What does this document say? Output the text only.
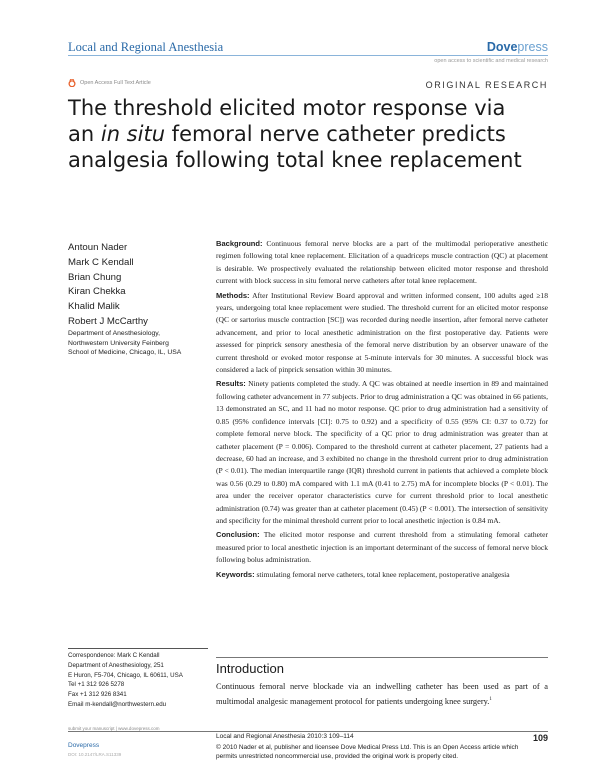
Local and Regional Anesthesia	Dovepress
open access to scientific and medical research
Open Access Full Text Article	ORIGINAL RESEARCH
The threshold elicited motor response via
an in situ femoral nerve catheter predicts
analgesia following total knee replacement
Antoun Nader
Mark C Kendall
Brian Chung
Kiran Chekka
Khalid Malik
Robert J McCarthy
Department of Anesthesiology,
Northwestern University Feinberg
School of Medicine, Chicago, IL, USA

Background: Continuous femoral nerve blocks are a part of the multimodal perioperative anesthetic regimen following total knee replacement. Elicitation of a quadriceps muscle contraction (QC) at placement is desirable. We prospectively evaluated the relationship between elicited motor response and threshold current with block success in situ femoral nerve catheters after total knee replacement.

Methods: After Institutional Review Board approval and written informed consent, 100 adults aged ≥18 years, undergoing total knee replacement were studied. The threshold current for an elicited motor response (QC or sartorius muscle contraction [SC]) was recorded during needle insertion, after femoral nerve catheter advancement, and prior to local anesthetic administration on the first postoperative day. Patients were assessed for pinprick sensory anesthesia of the femoral nerve distribution by an observer unaware of the current threshold or evoked motor response at 5-minute intervals for 30 minutes. A successful block was considered a lack of pinprick sensation within 30 minutes.

Results: Ninety patients completed the study. A QC was obtained at needle insertion in 89 and maintained following catheter advancement in 77 subjects. Prior to drug administration a QC was obtained in 66 patients, 13 demonstrated an SC, and 11 had no motor response. QC prior to drug administration had a sensitivity of 0.85 (95% confidence intervals [CI]: 0.75 to 0.92) and a specificity of 0.55 (95% CI: 0.37 to 0.72) for complete femoral nerve block. The specificity of a QC prior to drug administration was greater than at catheter placement (P = 0.006). Compared to the threshold current at catheter placement, 27 patients had a decrease, 60 had an increase, and 3 exhibited no change in the threshold current prior to drug administration (P < 0.01). The median interquartile range (IQR) threshold current in patients that achieved a complete block was 0.56 (0.29 to 0.80) mA compared with 1.1 mA (0.41 to 2.75) mA for incomplete blocks (P < 0.01). The area under the receiver operator characteristics curve for current threshold prior to local anesthetic administration (0.74) was greater than at catheter placement (0.45) (P < 0.001). The intersection of sensitivity and specificity for the minimal threshold current prior to local anesthetic injection is 0.84 mA.

Conclusion: The elicited motor response and current threshold from a stimulating femoral catheter measured prior to local anesthetic injection is an important determinant of the success of femoral nerve block following bolus administration.

Keywords: stimulating femoral nerve catheters, total knee replacement, postoperative analgesia

Correspondence: Mark C Kendall
Department of Anesthesiology, 251
E Huron, F5-704, Chicago, IL 60611, USA
Tel +1 312 926 5278
Fax +1 312 926 8341
Email m-kendall@northwestern.edu
Introduction
Continuous femoral nerve blockade via an indwelling catheter has been used as part of a multimodal analgesic management protocol for patients undergoing knee surgery.$^1$
submit your manuscript | www.dovepress.com
Dovepress
DOI: 10.2147/LRA.S11339
Local and Regional Anesthesia 2010:3 109–114
© 2010 Nader et al, publisher and licensee Dove Medical Press Ltd. This is an Open Access article which permits unrestricted noncommercial use, provided the original work is properly cited.
109
